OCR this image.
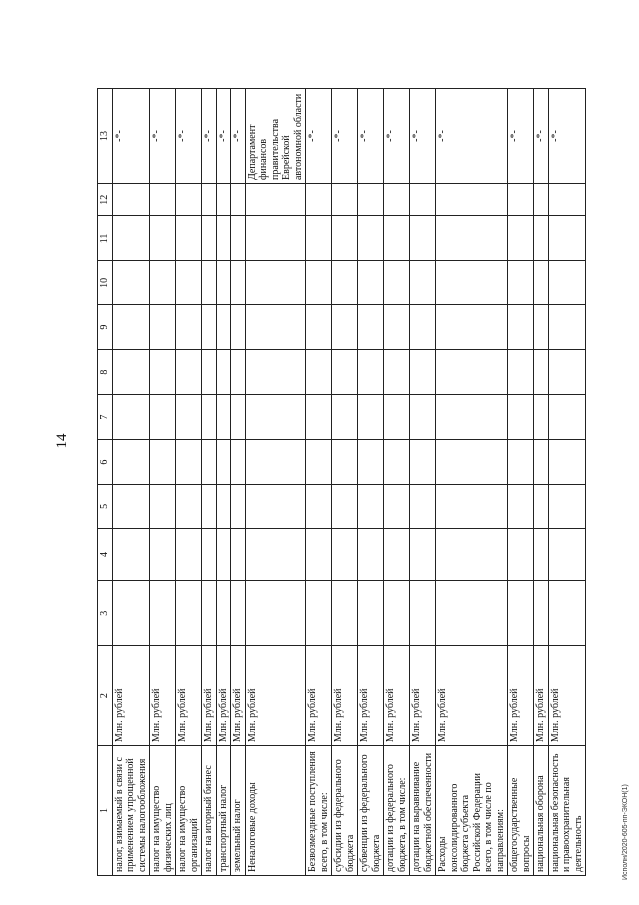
14
1	2	3	4	5	6	7	8	9	10	11	12	13
налог, взимаемый в связи с применением упрощенной системы налогообложения	Млн. рублей											-*-
налог на имущество физических лиц	Млн. рублей											-*-
налог на имущество организаций	Млн. рублей											-*-
налог на игорный бизнес	Млн. рублей											-*-
транспортный налог	Млн. рублей											-*-
земельный налог	Млн. рублей											-*-
Неналоговые доходы	Млн. рублей											Департамент финансов правительства Еврейской автономной области
Безвозмездные поступления всего, в том числе:	Млн. рублей											-*-
субсидии из федерального бюджета	Млн. рублей											-*-
субвенции из федерального бюджета	Млн. рублей											-*-
дотации из федерального бюджета, в том числе:	Млн. рублей											-*-
дотации на выравнивание бюджетной обеспеченности	Млн. рублей											-*-
Расходы консолидированного бюджета субъекта Российской Федерации всего, в том числе по направлениям:	Млн. рублей											-*-
общегосударственные вопросы	Млн. рублей											-*-
национальная оборона	Млн. рублей											-*-
национальная безопасность и правоохранительная деятельность	Млн. рублей											-*-
Исполн/2020-605-пп-ЭКОН(1)
